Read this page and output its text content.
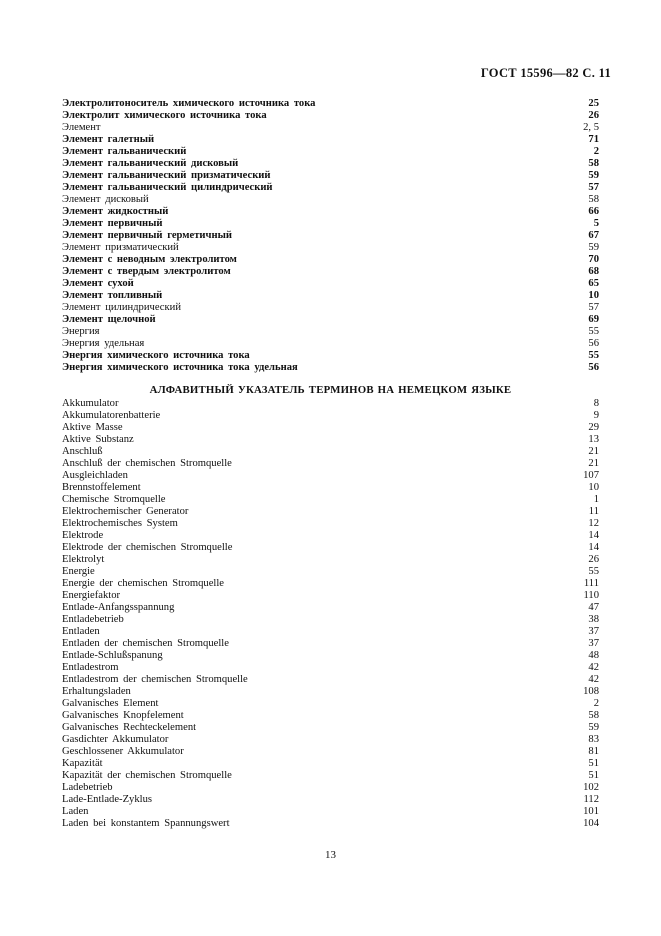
ГОСТ 15596—82 С. 11
Электролитоноситель химического источника тока	25
Электролит химического источника тока	26
Элемент	2, 5
Элемент галетный	71
Элемент гальванический	2
Элемент гальванический дисковый	58
Элемент гальванический призматический	59
Элемент гальванический цилиндрический	57
Элемент дисковый	58
Элемент жидкостный	66
Элемент первичный	5
Элемент первичный герметичный	67
Элемент призматический	59
Элемент с неводным электролитом	70
Элемент с твердым электролитом	68
Элемент сухой	65
Элемент топливный	10
Элемент цилиндрический	57
Элемент щелочной	69
Энергия	55
Энергия удельная	56
Энергия химического источника тока	55
Энергия химического источника тока удельная	56
АЛФАВИТНЫЙ УКАЗАТЕЛЬ ТЕРМИНОВ НА НЕМЕЦКОМ ЯЗЫКЕ
Akkumulator	8
Akkumulatorenbatterie	9
Aktive Masse	29
Aktive Substanz	13
Anschluß	21
Anschluß der chemischen Stromquelle	21
Ausgleichladen	107
Brennstoffelement	10
Chemische Stromquelle	1
Elektrochemischer Generator	11
Elektrochemisches System	12
Elektrode	14
Elektrode der chemischen Stromquelle	14
Elektrolyt	26
Energie	55
Energie der chemischen Stromquelle	111
Energiefaktor	110
Entlade-Anfangsspannung	47
Entladebetrieb	38
Entladen	37
Entladen der chemischen Stromquelle	37
Entlade-Schlußspanung	48
Entladestrom	42
Entladestrom der chemischen Stromquelle	42
Erhaltungsladen	108
Galvanisches Element	2
Galvanisches Knopfelement	58
Galvanisches Rechteckelement	59
Gasdichter Akkumulator	83
Geschlossener Akkumulator	81
Kapazität	51
Kapazität der chemischen Stromquelle	51
Ladebetrieb	102
Lade-Entlade-Zyklus	112
Laden	101
Laden bei konstantem Spannungswert	104
13
